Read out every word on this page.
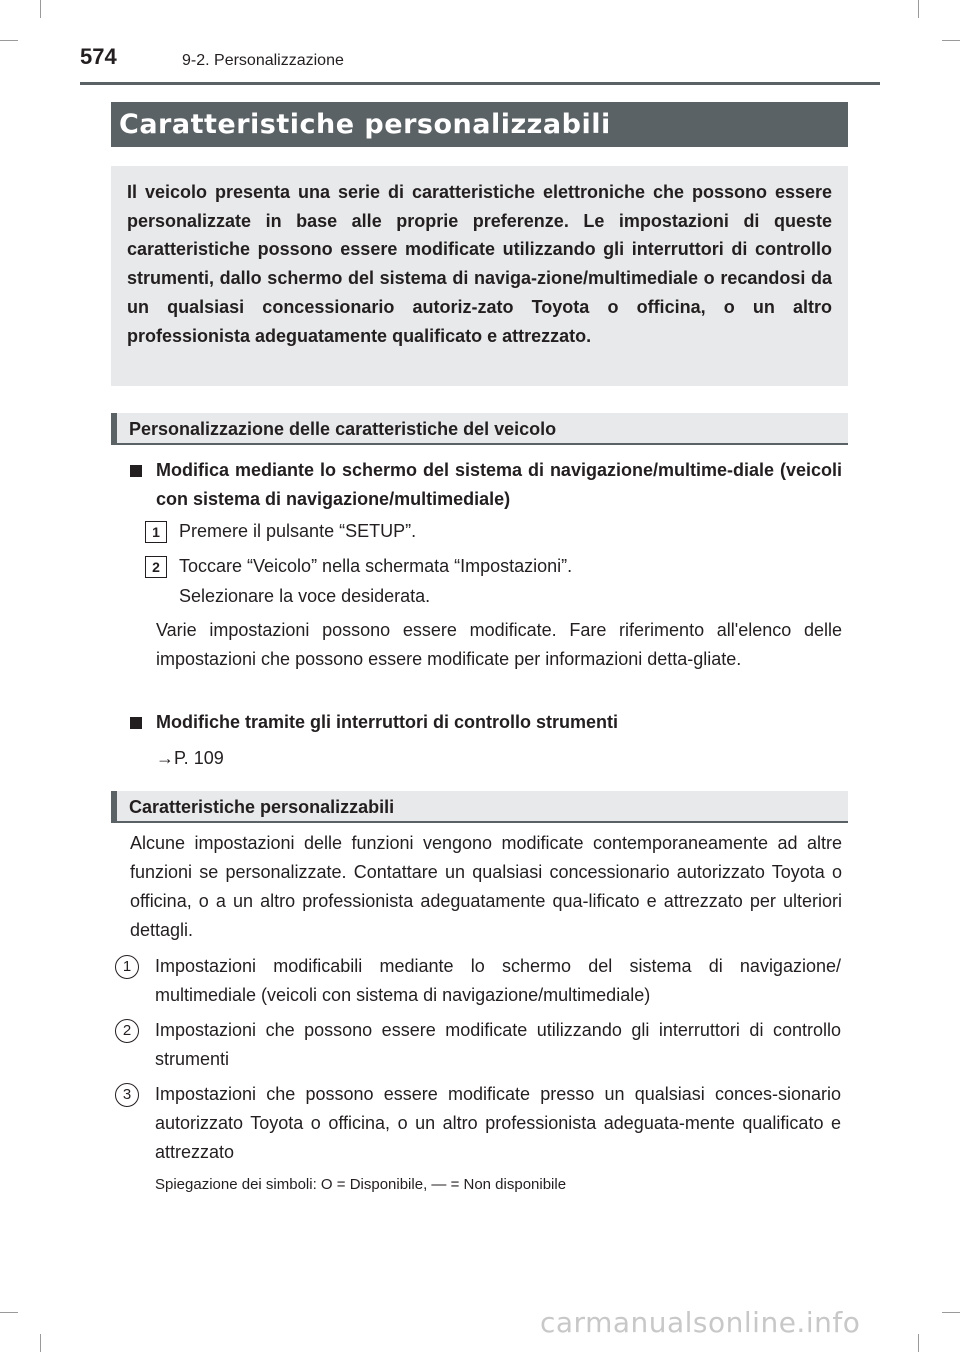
574	9-2. Personalizzazione
Caratteristiche personalizzabili

Il veicolo presenta una serie di caratteristiche elettroniche che possono essere personalizzate in base alle proprie preferenze. Le impostazioni di queste caratteristiche possono essere modificate utilizzando gli interruttori di controllo strumenti, dallo schermo del sistema di naviga-zione/multimediale o recandosi da un qualsiasi concessionario autoriz-zato Toyota o officina, o un altro professionista adeguatamente qualificato e attrezzato.

Personalizzazione delle caratteristiche del veicolo
Modifica mediante lo schermo del sistema di navigazione/multime-diale (veicoli con sistema di navigazione/multimediale)
1	Premere il pulsante “SETUP”.
2	Toccare “Veicolo” nella schermata “Impostazioni”.
Selezionare la voce desiderata.

Varie impostazioni possono essere modificate. Fare riferimento all'elenco delle impostazioni che possono essere modificate per informazioni detta-gliate.

Modifiche tramite gli interruttori di controllo strumenti
→P. 109
Caratteristiche personalizzabili

Alcune impostazioni delle funzioni vengono modificate contemporaneamente ad altre funzioni se personalizzate. Contattare un qualsiasi concessionario autorizzato Toyota o officina, o a un altro professionista adeguatamente qua-lificato e attrezzato per ulteriori dettagli.

1	Impostazioni modificabili mediante lo schermo del sistema di navigazione/ multimediale (veicoli con sistema di navigazione/multimediale)
2	Impostazioni che possono essere modificate utilizzando gli interruttori di controllo strumenti
3	Impostazioni che possono essere modificate presso un qualsiasi conces-sionario autorizzato Toyota o officina, o un altro professionista adeguata-mente qualificato e attrezzato
Spiegazione dei simboli: O = Disponibile, — = Non disponibile
carmanualsonline.info
